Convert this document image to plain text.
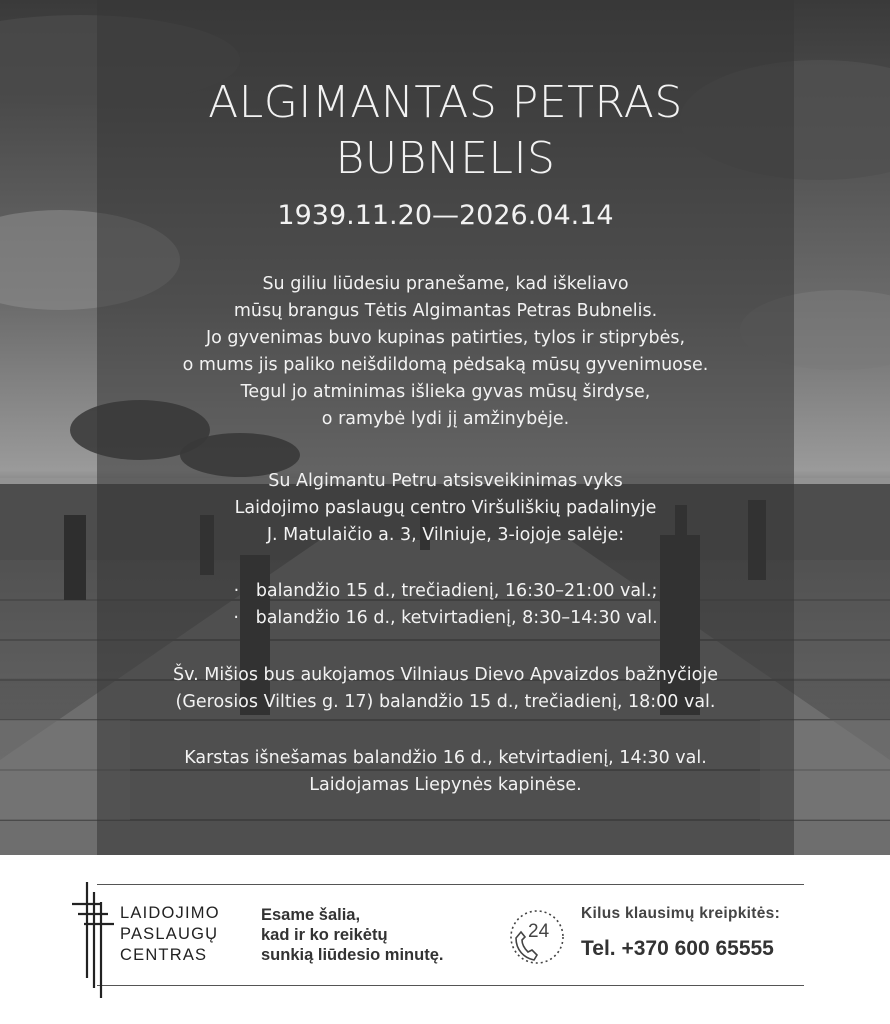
ALGIMANTAS PETRAS
BUBNELIS
1939.11.20—2026.04.14

Su giliu liūdesiu pranešame, kad iškeliavo

mūsų brangus Tėtis Algimantas Petras Bubnelis.

Jo gyvenimas buvo kupinas patirties, tylos ir stiprybės,

o mums jis paliko neišdildomą pėdsaką mūsų gyvenimuose.

Tegul jo atminimas išlieka gyvas mūsų širdyse,

o ramybė lydi jį amžinybėje.

Su Algimantu Petru atsisveikinimas vyks

Laidojimo paslaugų centro Viršuliškių padalinyje

J. Matulaičio a. 3, Vilniuje, 3-iojoje salėje:

·   balandžio 15 d., trečiadienį, 16:30–21:00 val.;

·   balandžio 16 d., ketvirtadienį, 8:30–14:30 val.

Šv. Mišios bus aukojamos Vilniaus Dievo Apvaizdos bažnyčioje

(Gerosios Vilties g. 17) balandžio 15 d., trečiadienį, 18:00 val.

Karstas išnešamas balandžio 16 d., ketvirtadienį, 14:30 val.

Laidojamas Liepynės kapinėse.

LAIDOJIMO
PASLAUGŲ
CENTRAS
Esame šalia,
kad ir ko reikėtų
sunkią liūdesio minutę.
24
Kilus klausimų kreipkitės:
Tel. +370 600 65555
